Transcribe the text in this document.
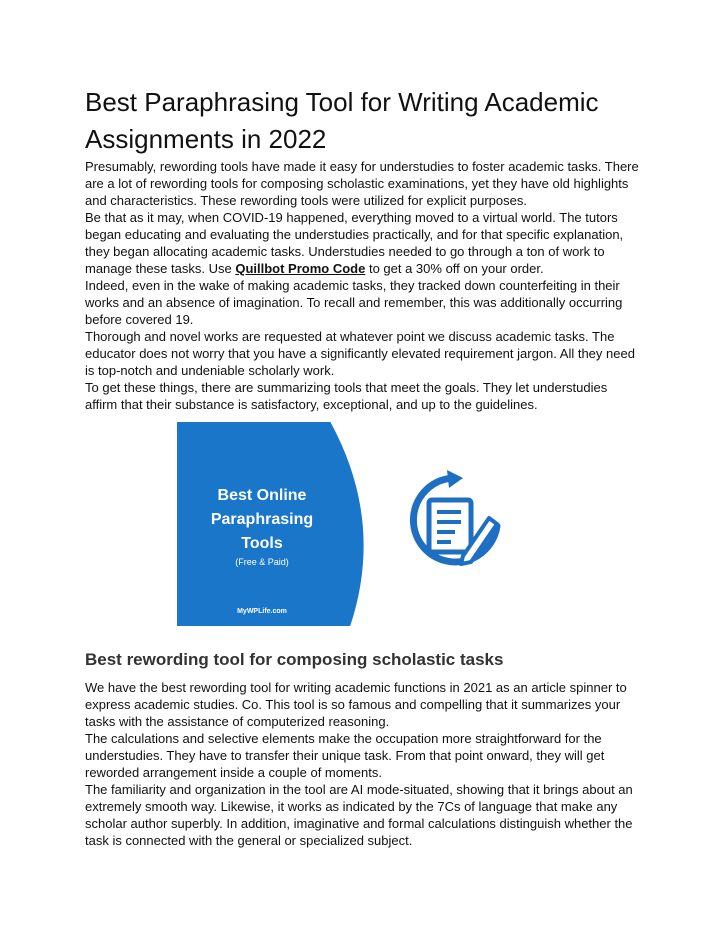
Best Paraphrasing Tool for Writing Academic Assignments in 2022

Presumably, rewording tools have made it easy for understudies to foster academic tasks. There are a lot of rewording tools for composing scholastic examinations, yet they have old highlights and characteristics. These rewording tools were utilized for explicit purposes.

Be that as it may, when COVID-19 happened, everything moved to a virtual world. The tutors began educating and evaluating the understudies practically, and for that specific explanation, they began allocating academic tasks. Understudies needed to go through a ton of work to manage these tasks. Use Quillbot Promo Code to get a 30% off on your order.

Indeed, even in the wake of making academic tasks, they tracked down counterfeiting in their works and an absence of imagination. To recall and remember, this was additionally occurring before covered 19.

Thorough and novel works are requested at whatever point we discuss academic tasks. The educator does not worry that you have a significantly elevated requirement jargon. All they need is top-notch and undeniable scholarly work.

To get these things, there are summarizing tools that meet the goals. They let understudies affirm that their substance is satisfactory, exceptional, and up to the guidelines.

Best Online
Paraphrasing
Tools
(Free & Paid)
MyWPLife.com
Best rewording tool for composing scholastic tasks

We have the best rewording tool for writing academic functions in 2021 as an article spinner to express academic studies. Co. This tool is so famous and compelling that it summarizes your tasks with the assistance of computerized reasoning.

The calculations and selective elements make the occupation more straightforward for the understudies. They have to transfer their unique task. From that point onward, they will get reworded arrangement inside a couple of moments.

The familiarity and organization in the tool are AI mode-situated, showing that it brings about an extremely smooth way. Likewise, it works as indicated by the 7Cs of language that make any scholar author superbly. In addition, imaginative and formal calculations distinguish whether the task is connected with the general or specialized subject.
